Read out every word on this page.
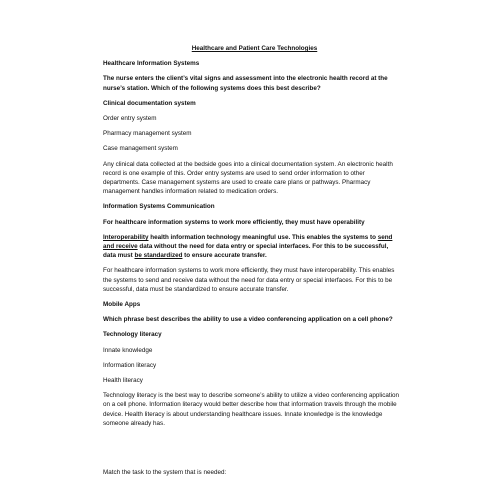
Healthcare and Patient Care Technologies

Healthcare Information Systems

The nurse enters the client’s vital signs and assessment into the electronic health record at the nurse’s station. Which of the following systems does this best describe?

Clinical documentation system

Order entry system

Pharmacy management system

Case management system

Any clinical data collected at the bedside goes into a clinical documentation system. An electronic health record is one example of this. Order entry systems are used to send order information to other departments. Case management systems are used to create care plans or pathways. Pharmacy management handles information related to medication orders.

Information Systems Communication

For healthcare information systems to work more efficiently, they must have operability

Interoperability health information technology meaningful use. This enables the systems to send and receive data without the need for data entry or special interfaces. For this to be successful, data must be standardized to ensure accurate transfer.

For healthcare information systems to work more efficiently, they must have interoperability. This enables the systems to send and receive data without the need for data entry or special interfaces. For this to be successful, data must be standardized to ensure accurate transfer.

Mobile Apps

Which phrase best describes the ability to use a video conferencing application on a cell phone?

Technology literacy

Innate knowledge

Information literacy

Health literacy

Technology literacy is the best way to describe someone’s ability to utilize a video conferencing application on a cell phone. Information literacy would better describe how that information travels through the mobile device. Health literacy is about understanding healthcare issues. Innate knowledge is the knowledge someone already has.

Match the task to the system that is needed:
